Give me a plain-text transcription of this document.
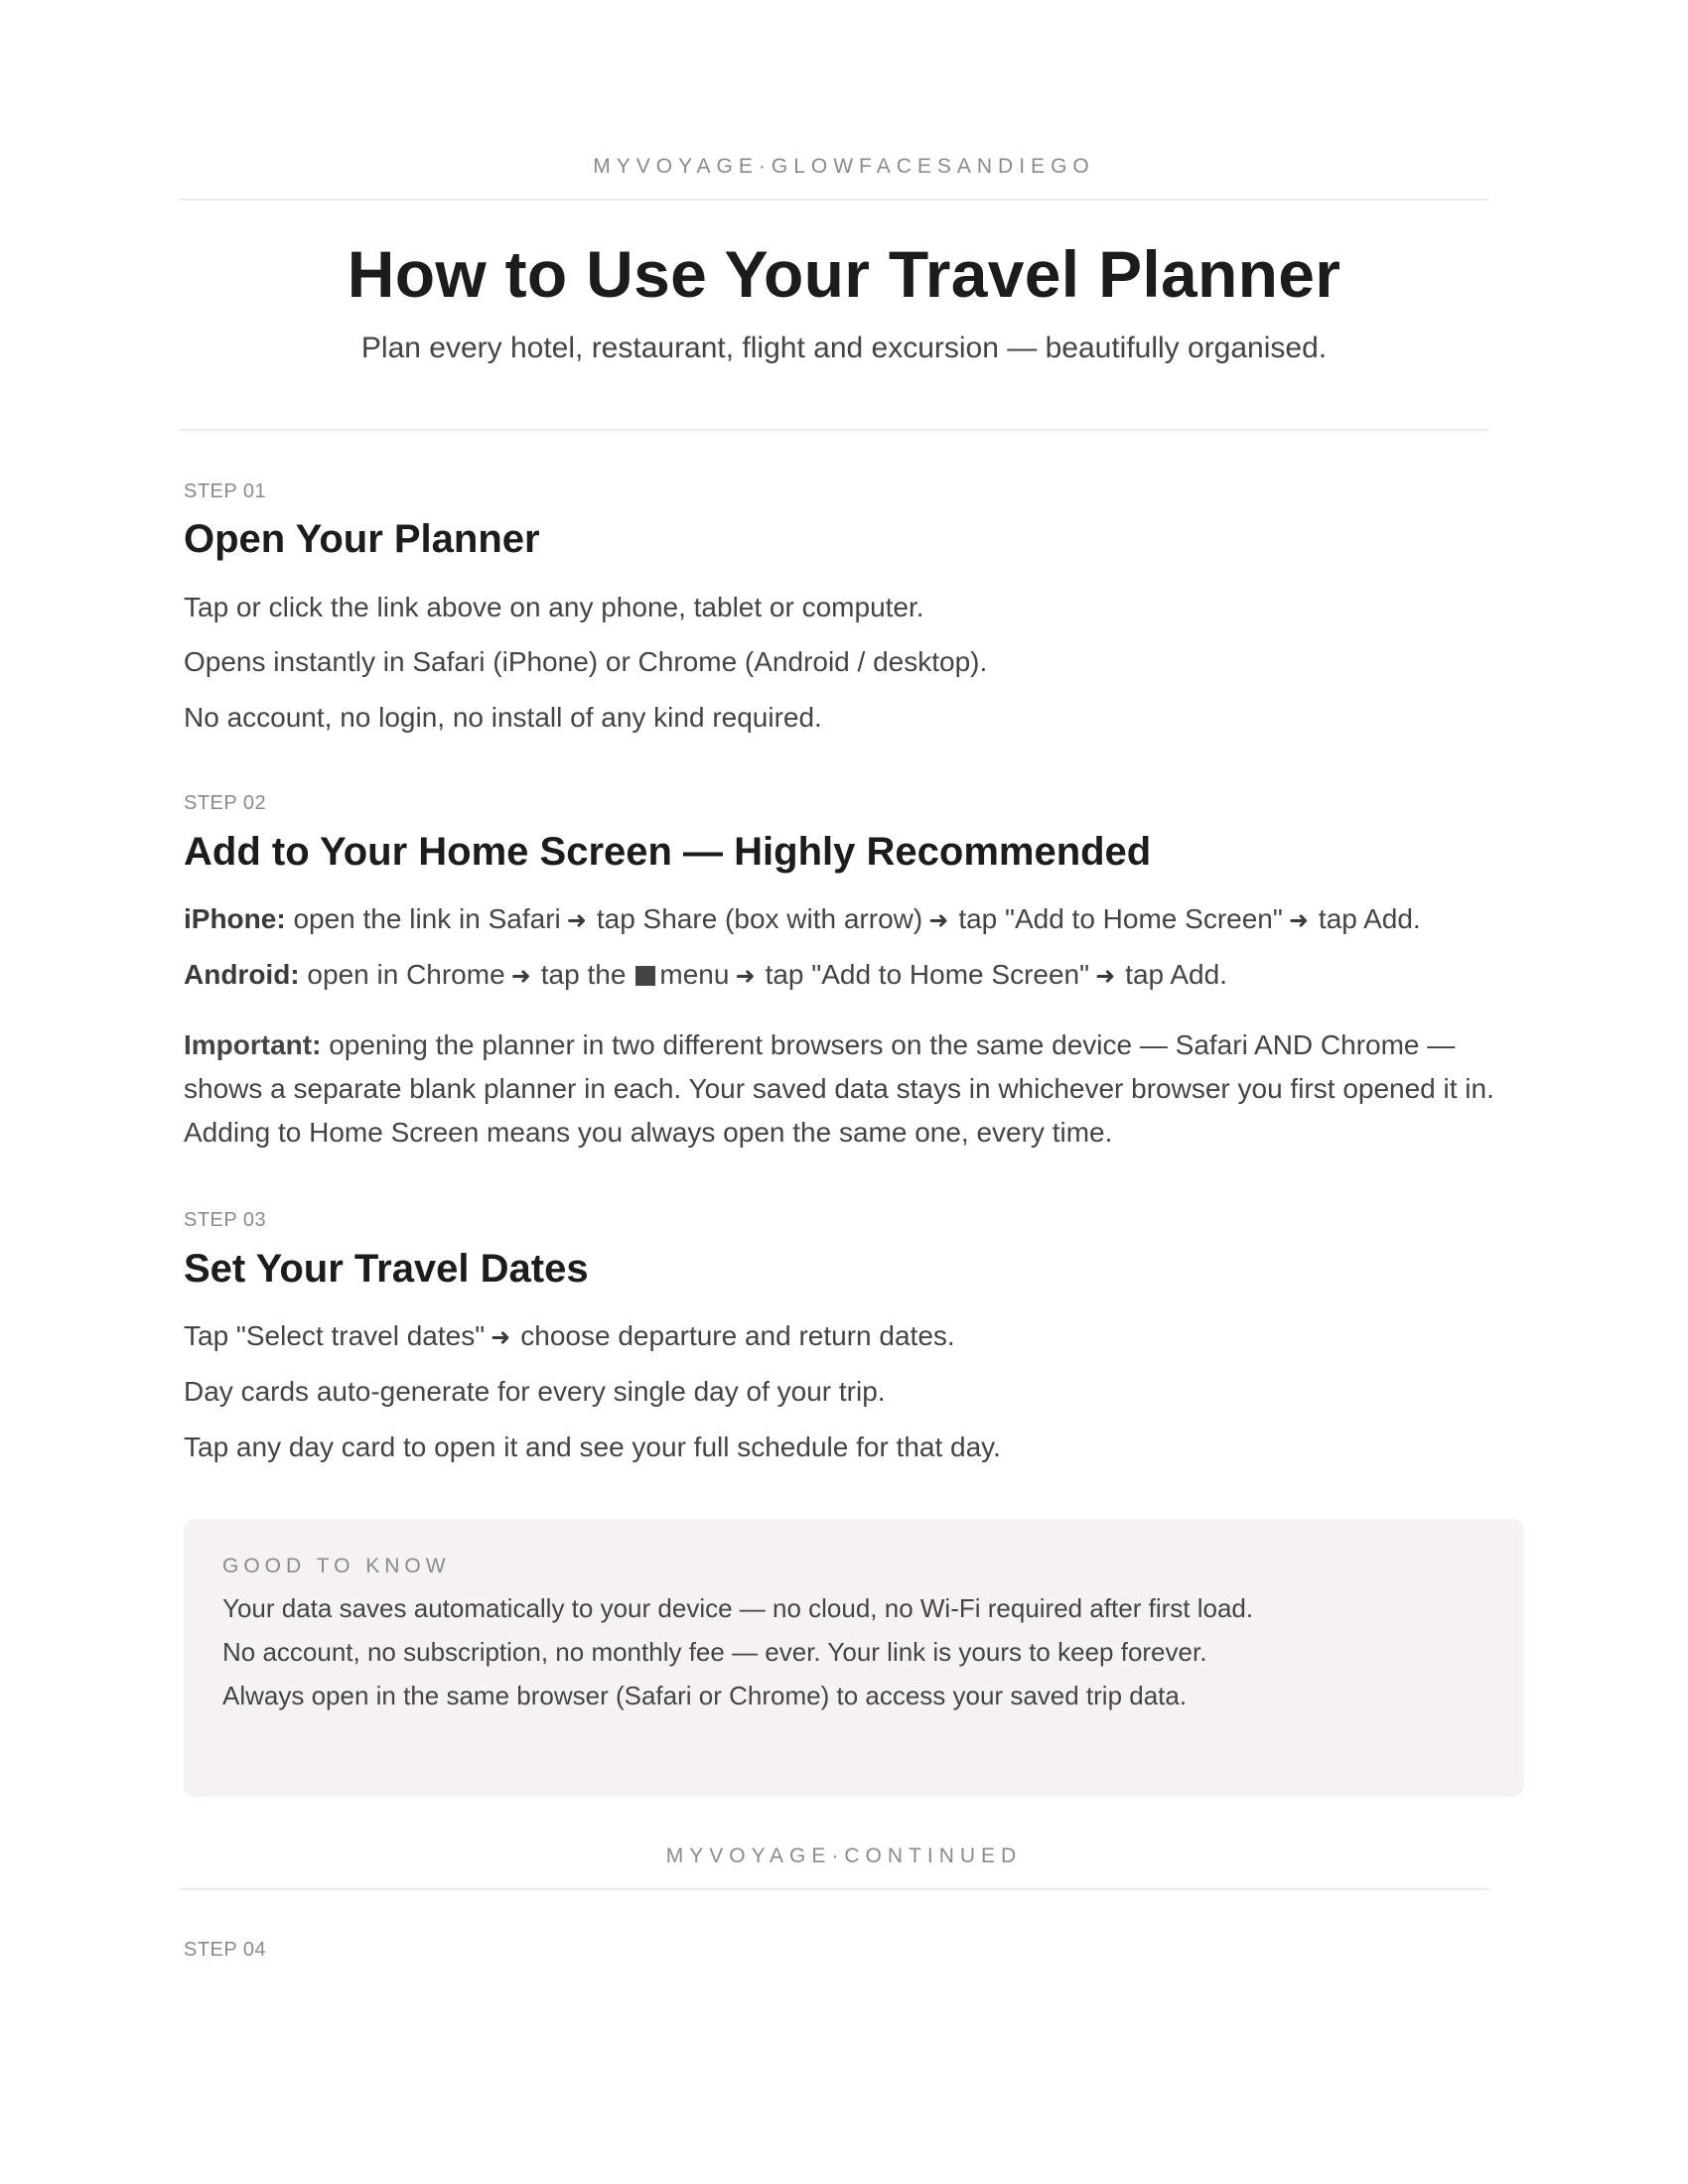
MYVOYAGE·GLOWFACESANDIEGO
How to Use Your Travel Planner
Plan every hotel, restaurant, flight and excursion — beautifully organised.
STEP 01
Open Your Planner
Tap or click the link above on any phone, tablet or computer.
Opens instantly in Safari (iPhone) or Chrome (Android / desktop).
No account, no login, no install of any kind required.
STEP 02
Add to Your Home Screen — Highly Recommended
iPhone: open the link in Safari ➜ tap Share (box with arrow) ➜ tap "Add to Home Screen" ➜ tap Add.
Android: open in Chrome ➜ tap the menu ➜ tap "Add to Home Screen" ➜ tap Add.
Important: opening the planner in two different browsers on the same device — Safari AND Chrome — shows a separate blank planner in each. Your saved data stays in whichever browser you first opened it in. Adding to Home Screen means you always open the same one, every time.
STEP 03
Set Your Travel Dates
Tap "Select travel dates" ➜ choose departure and return dates.
Day cards auto-generate for every single day of your trip.
Tap any day card to open it and see your full schedule for that day.
GOOD TO KNOW
Your data saves automatically to your device — no cloud, no Wi-Fi required after first load.
No account, no subscription, no monthly fee — ever. Your link is yours to keep forever.
Always open in the same browser (Safari or Chrome) to access your saved trip data.
MYVOYAGE·CONTINUED
STEP 04
